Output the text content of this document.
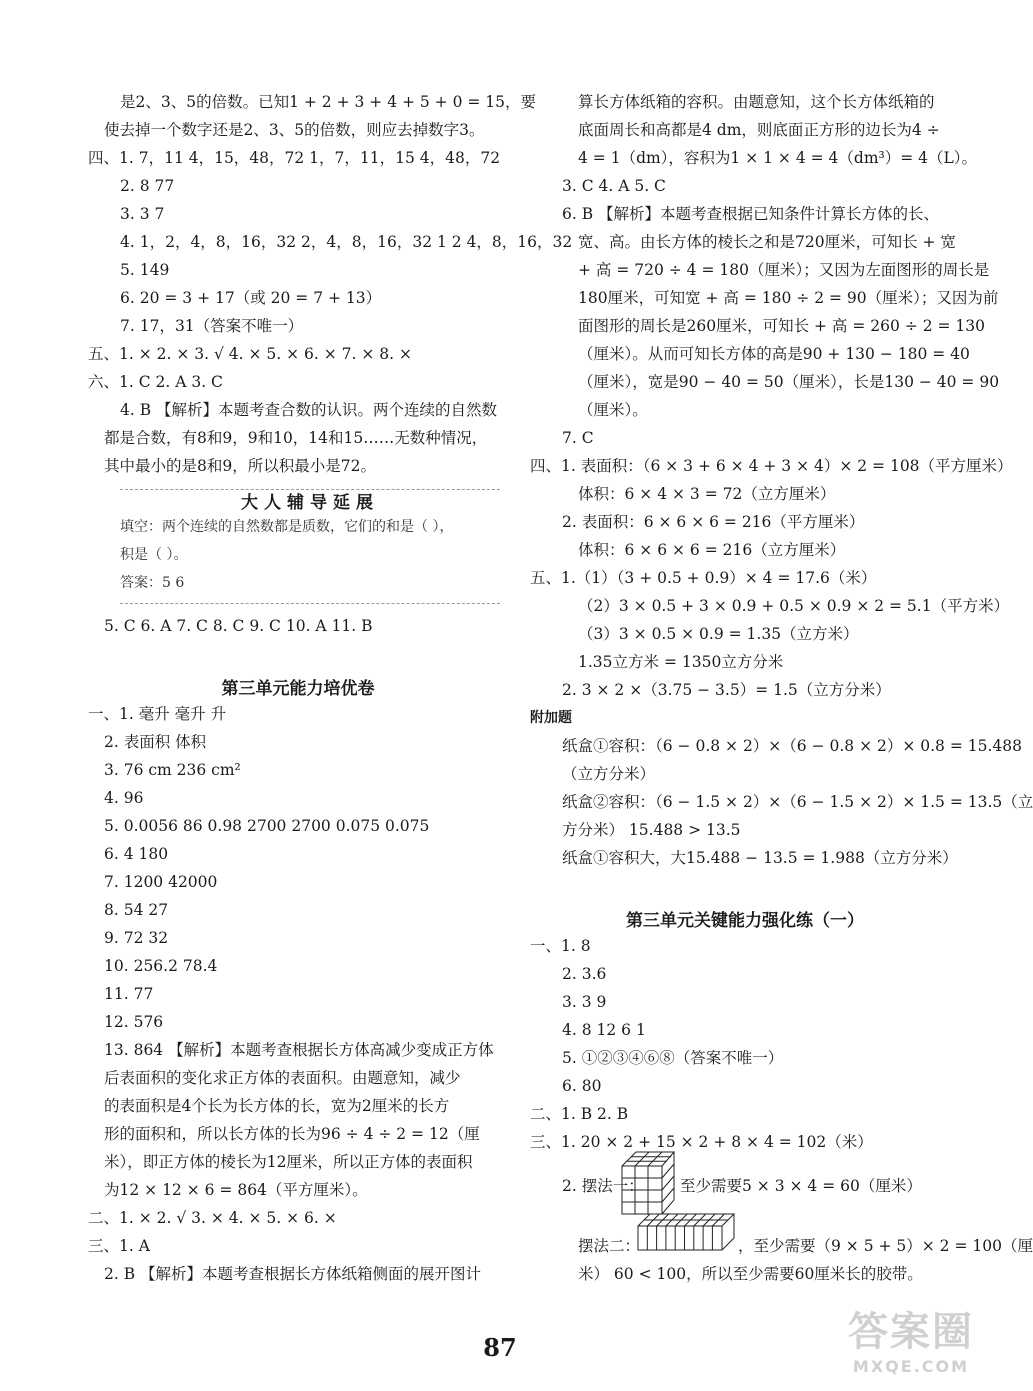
是2、3、5的倍数。已知1 + 2 + 3 + 4 + 5 + 0 = 15，要
使去掉一个数字还是2、3、5的倍数，则应去掉数字3。
四、1. 7，11 4，15，48，72 1，7，11，15 4，48，72
2. 8 77
3. 3 7
4. 1，2，4，8，16，32 2，4，8，16，32 1 2 4，8，16，32
5. 149
6. 20 = 3 + 17（或 20 = 7 + 13）
7. 17，31（答案不唯一）
五、1. × 2. × 3. √ 4. × 5. × 6. × 7. × 8. ×
六、1. C 2. A 3. C
4. B 【解析】本题考查合数的认识。两个连续的自然数
都是合数，有8和9，9和10，14和15……无数种情况，
其中最小的是8和9，所以积最小是72。
大人辅导延展
填空：两个连续的自然数都是质数，它们的和是（ ），
积是（ ）。
答案：5 6
5. C 6. A 7. C 8. C 9. C 10. A 11. B
第三单元能力培优卷
一、1. 毫升 毫升 升
2. 表面积 体积
3. 76 cm 236 cm²
4. 96
5. 0.0056 86 0.98 2700 2700 0.075 0.075
6. 4 180
7. 1200 42000
8. 54 27
9. 72 32
10. 256.2 78.4
11. 77
12. 576
13. 864 【解析】本题考查根据长方体高减少变成正方体
后表面积的变化求正方体的表面积。由题意知，减少
的表面积是4个长为长方体的长，宽为2厘米的长方
形的面积和，所以长方体的长为96 ÷ 4 ÷ 2 = 12（厘
米），即正方体的棱长为12厘米，所以正方体的表面积
为12 × 12 × 6 = 864（平方厘米）。
二、1. × 2. √ 3. × 4. × 5. × 6. ×
三、1. A
2. B 【解析】本题考查根据长方体纸箱侧面的展开图计
算长方体纸箱的容积。由题意知，这个长方体纸箱的
底面周长和高都是4 dm，则底面正方形的边长为4 ÷
4 = 1（dm），容积为1 × 1 × 4 = 4（dm³）= 4（L）。
3. C 4. A 5. C
6. B 【解析】本题考查根据已知条件计算长方体的长、
宽、高。由长方体的棱长之和是720厘米，可知长 + 宽
+ 高 = 720 ÷ 4 = 180（厘米）；又因为左面图形的周长是
180厘米，可知宽 + 高 = 180 ÷ 2 = 90（厘米）；又因为前
面图形的周长是260厘米，可知长 + 高 = 260 ÷ 2 = 130
（厘米）。从而可知长方体的高是90 + 130 − 180 = 40
（厘米），宽是90 − 40 = 50（厘米），长是130 − 40 = 90
（厘米）。
7. C
四、1. 表面积：（6 × 3 + 6 × 4 + 3 × 4）× 2 = 108（平方厘米）
体积：6 × 4 × 3 = 72（立方厘米）
2. 表面积：6 × 6 × 6 = 216（平方厘米）
体积：6 × 6 × 6 = 216（立方厘米）
五、1.（1）（3 + 0.5 + 0.9）× 4 = 17.6（米）
（2）3 × 0.5 + 3 × 0.9 + 0.5 × 0.9 × 2 = 5.1（平方米）
（3）3 × 0.5 × 0.9 = 1.35（立方米）
1.35立方米 = 1350立方分米
2. 3 × 2 ×（3.75 − 3.5）= 1.5（立方分米）
附加题
纸盒①容积：（6 − 0.8 × 2）×（6 − 0.8 × 2）× 0.8 = 15.488
（立方分米）
纸盒②容积：（6 − 1.5 × 2）×（6 − 1.5 × 2）× 1.5 = 13.5（立
方分米） 15.488 > 13.5
纸盒①容积大，大15.488 − 13.5 = 1.988（立方分米）
第三单元关键能力强化练（一）
一、1. 8
2. 3.6
3. 3 9
4. 8 12 6 1
5. ①②③④⑥⑧（答案不唯一）
6. 80
二、1. B 2. B
三、1. 20 × 2 + 15 × 2 + 8 × 4 = 102（米）
2. 摆法一： 至少需要5 × 3 × 4 = 60（厘米）
摆法二：	，至少需要（9 × 5 + 5）× 2 = 100（厘
米） 60 < 100，所以至少需要60厘米长的胶带。
87	答案圈
MXQE.COM
